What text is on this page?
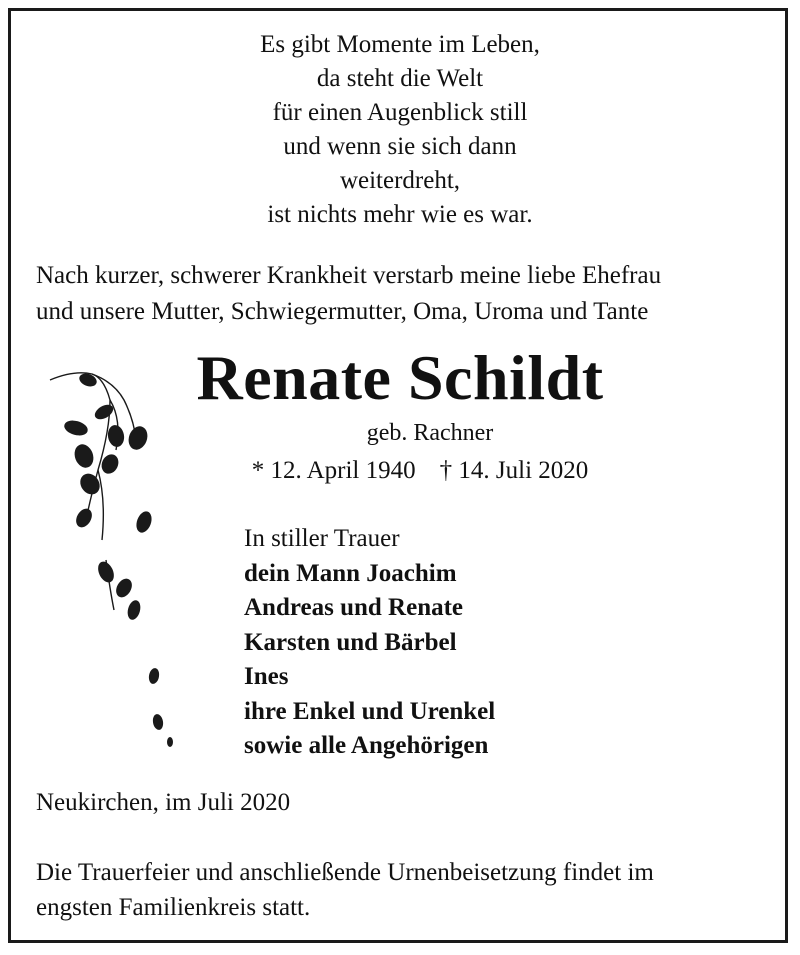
Es gibt Momente im Leben,
da steht die Welt
für einen Augenblick still
und wenn sie sich dann
weiterdreht,
ist nichts mehr wie es war.
Nach kurzer, schwerer Krankheit verstarb meine liebe Ehefrau
und unsere Mutter, Schwiegermutter, Oma, Uroma und Tante
Renate Schildt
geb. Rachner
* 12. April 1940 † 14. Juli 2020
In stiller Trauer
dein Mann Joachim
Andreas und Renate
Karsten und Bärbel
Ines
ihre Enkel und Urenkel
sowie alle Angehörigen
Neukirchen, im Juli 2020
Die Trauerfeier und anschließende Urnenbeisetzung findet im
engsten Familienkreis statt.
